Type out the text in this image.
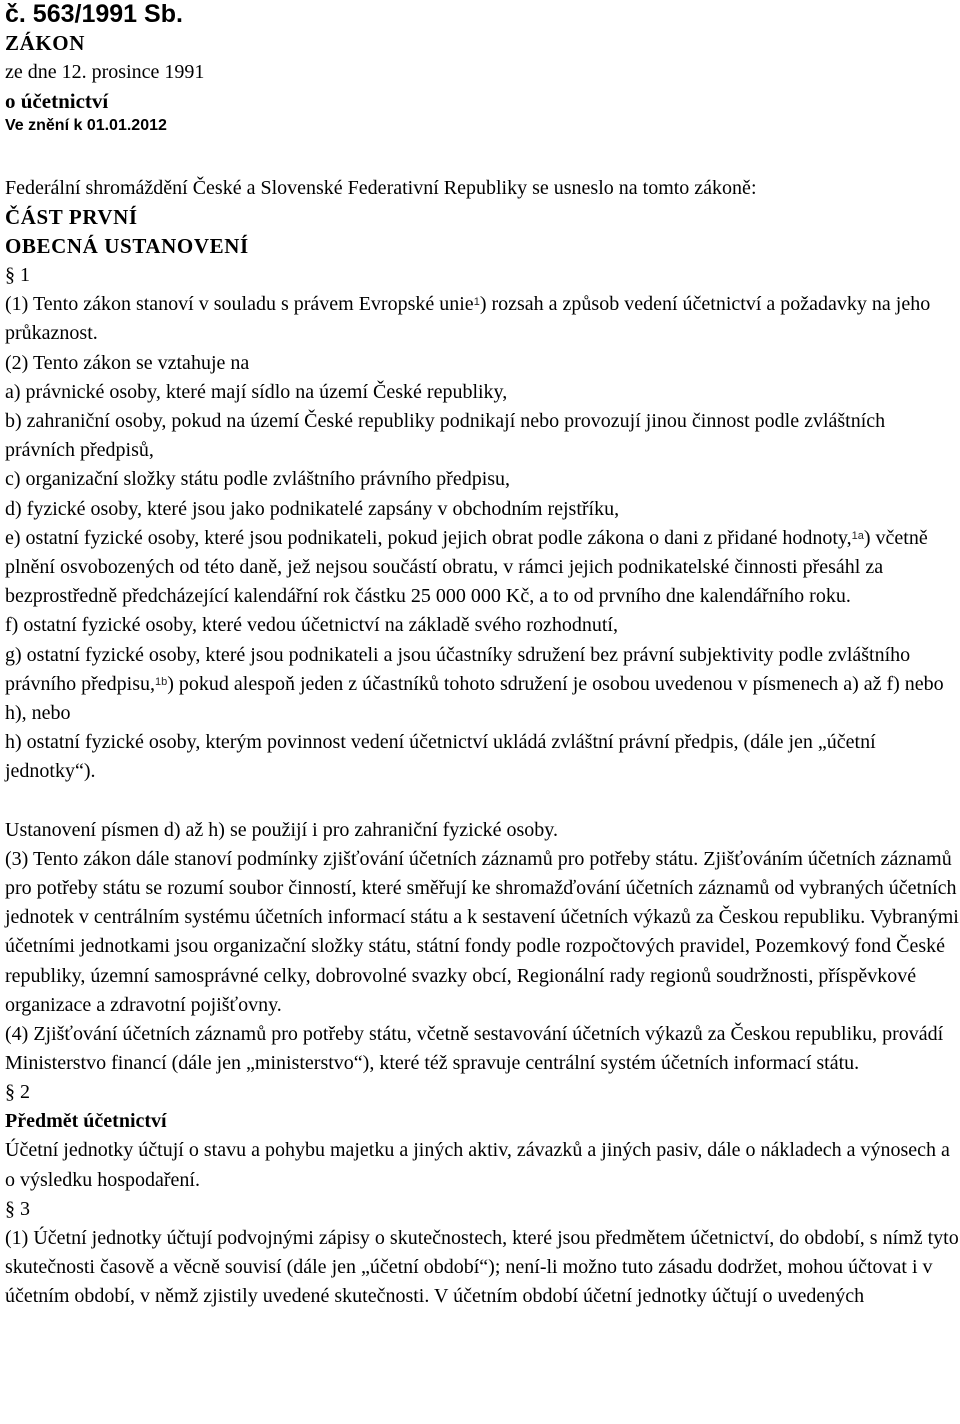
č. 563/1991 Sb.
ZÁKON
ze dne 12. prosince 1991
o účetnictví
Ve znění k 01.01.2012

Federální shromáždění České a Slovenské Federativní Republiky se usneslo na tomto zákoně:

ČÁST PRVNÍ
OBECNÁ USTANOVENÍ
§ 1

(1) Tento zákon stanoví v souladu s právem Evropské unie$^1$) rozsah a způsob vedení účetnictví a požadavky na jeho průkaznost.

(2) Tento zákon se vztahuje na

a) právnické osoby, které mají sídlo na území České republiky,

b) zahraniční osoby, pokud na území České republiky podnikají nebo provozují jinou činnost podle zvláštních právních předpisů,

c) organizační složky státu podle zvláštního právního předpisu,

d) fyzické osoby, které jsou jako podnikatelé zapsány v obchodním rejstříku,

e) ostatní fyzické osoby, které jsou podnikateli, pokud jejich obrat podle zákona o dani z přidané hodnoty,$^{1a}$) včetně plnění osvobozených od této daně, jež nejsou součástí obratu, v rámci jejich podnikatelské činnosti přesáhl za bezprostředně předcházející kalendářní rok částku 25 000 000 Kč, a to od prvního dne kalendářního roku.

f) ostatní fyzické osoby, které vedou účetnictví na základě svého rozhodnutí,

g) ostatní fyzické osoby, které jsou podnikateli a jsou účastníky sdružení bez právní subjektivity podle zvláštního právního předpisu,$^{1b}$) pokud alespoň jeden z účastníků tohoto sdružení je osobou uvedenou v písmenech a) až f) nebo h), nebo

h) ostatní fyzické osoby, kterým povinnost vedení účetnictví ukládá zvláštní právní předpis, (dále jen „účetní jednotky“).

Ustanovení písmen d) až h) se použijí i pro zahraniční fyzické osoby.

(3) Tento zákon dále stanoví podmínky zjišťování účetních záznamů pro potřeby státu. Zjišťováním účetních záznamů pro potřeby státu se rozumí soubor činností, které směřují ke shromažďování účetních záznamů od vybraných účetních jednotek v centrálním systému účetních informací státu a k sestavení účetních výkazů za Českou republiku. Vybranými účetními jednotkami jsou organizační složky státu, státní fondy podle rozpočtových pravidel, Pozemkový fond České republiky, územní samosprávné celky, dobrovolné svazky obcí, Regionální rady regionů soudržnosti, příspěvkové organizace a zdravotní pojišťovny.

(4) Zjišťování účetních záznamů pro potřeby státu, včetně sestavování účetních výkazů za Českou republiku, provádí Ministerstvo financí (dále jen „ministerstvo“), které též spravuje centrální systém účetních informací státu.

§ 2
Předmět účetnictví

Účetní jednotky účtují o stavu a pohybu majetku a jiných aktiv, závazků a jiných pasiv, dále o nákladech a výnosech a o výsledku hospodaření.

§ 3

(1) Účetní jednotky účtují podvojnými zápisy o skutečnostech, které jsou předmětem účetnictví, do období, s nímž tyto skutečnosti časově a věcně souvisí (dále jen „účetní období“); není-li možno tuto zásadu dodržet, mohou účtovat i v účetním období, v němž zjistily uvedené skutečnosti. V účetním období účetní jednotky účtují o uvedených
